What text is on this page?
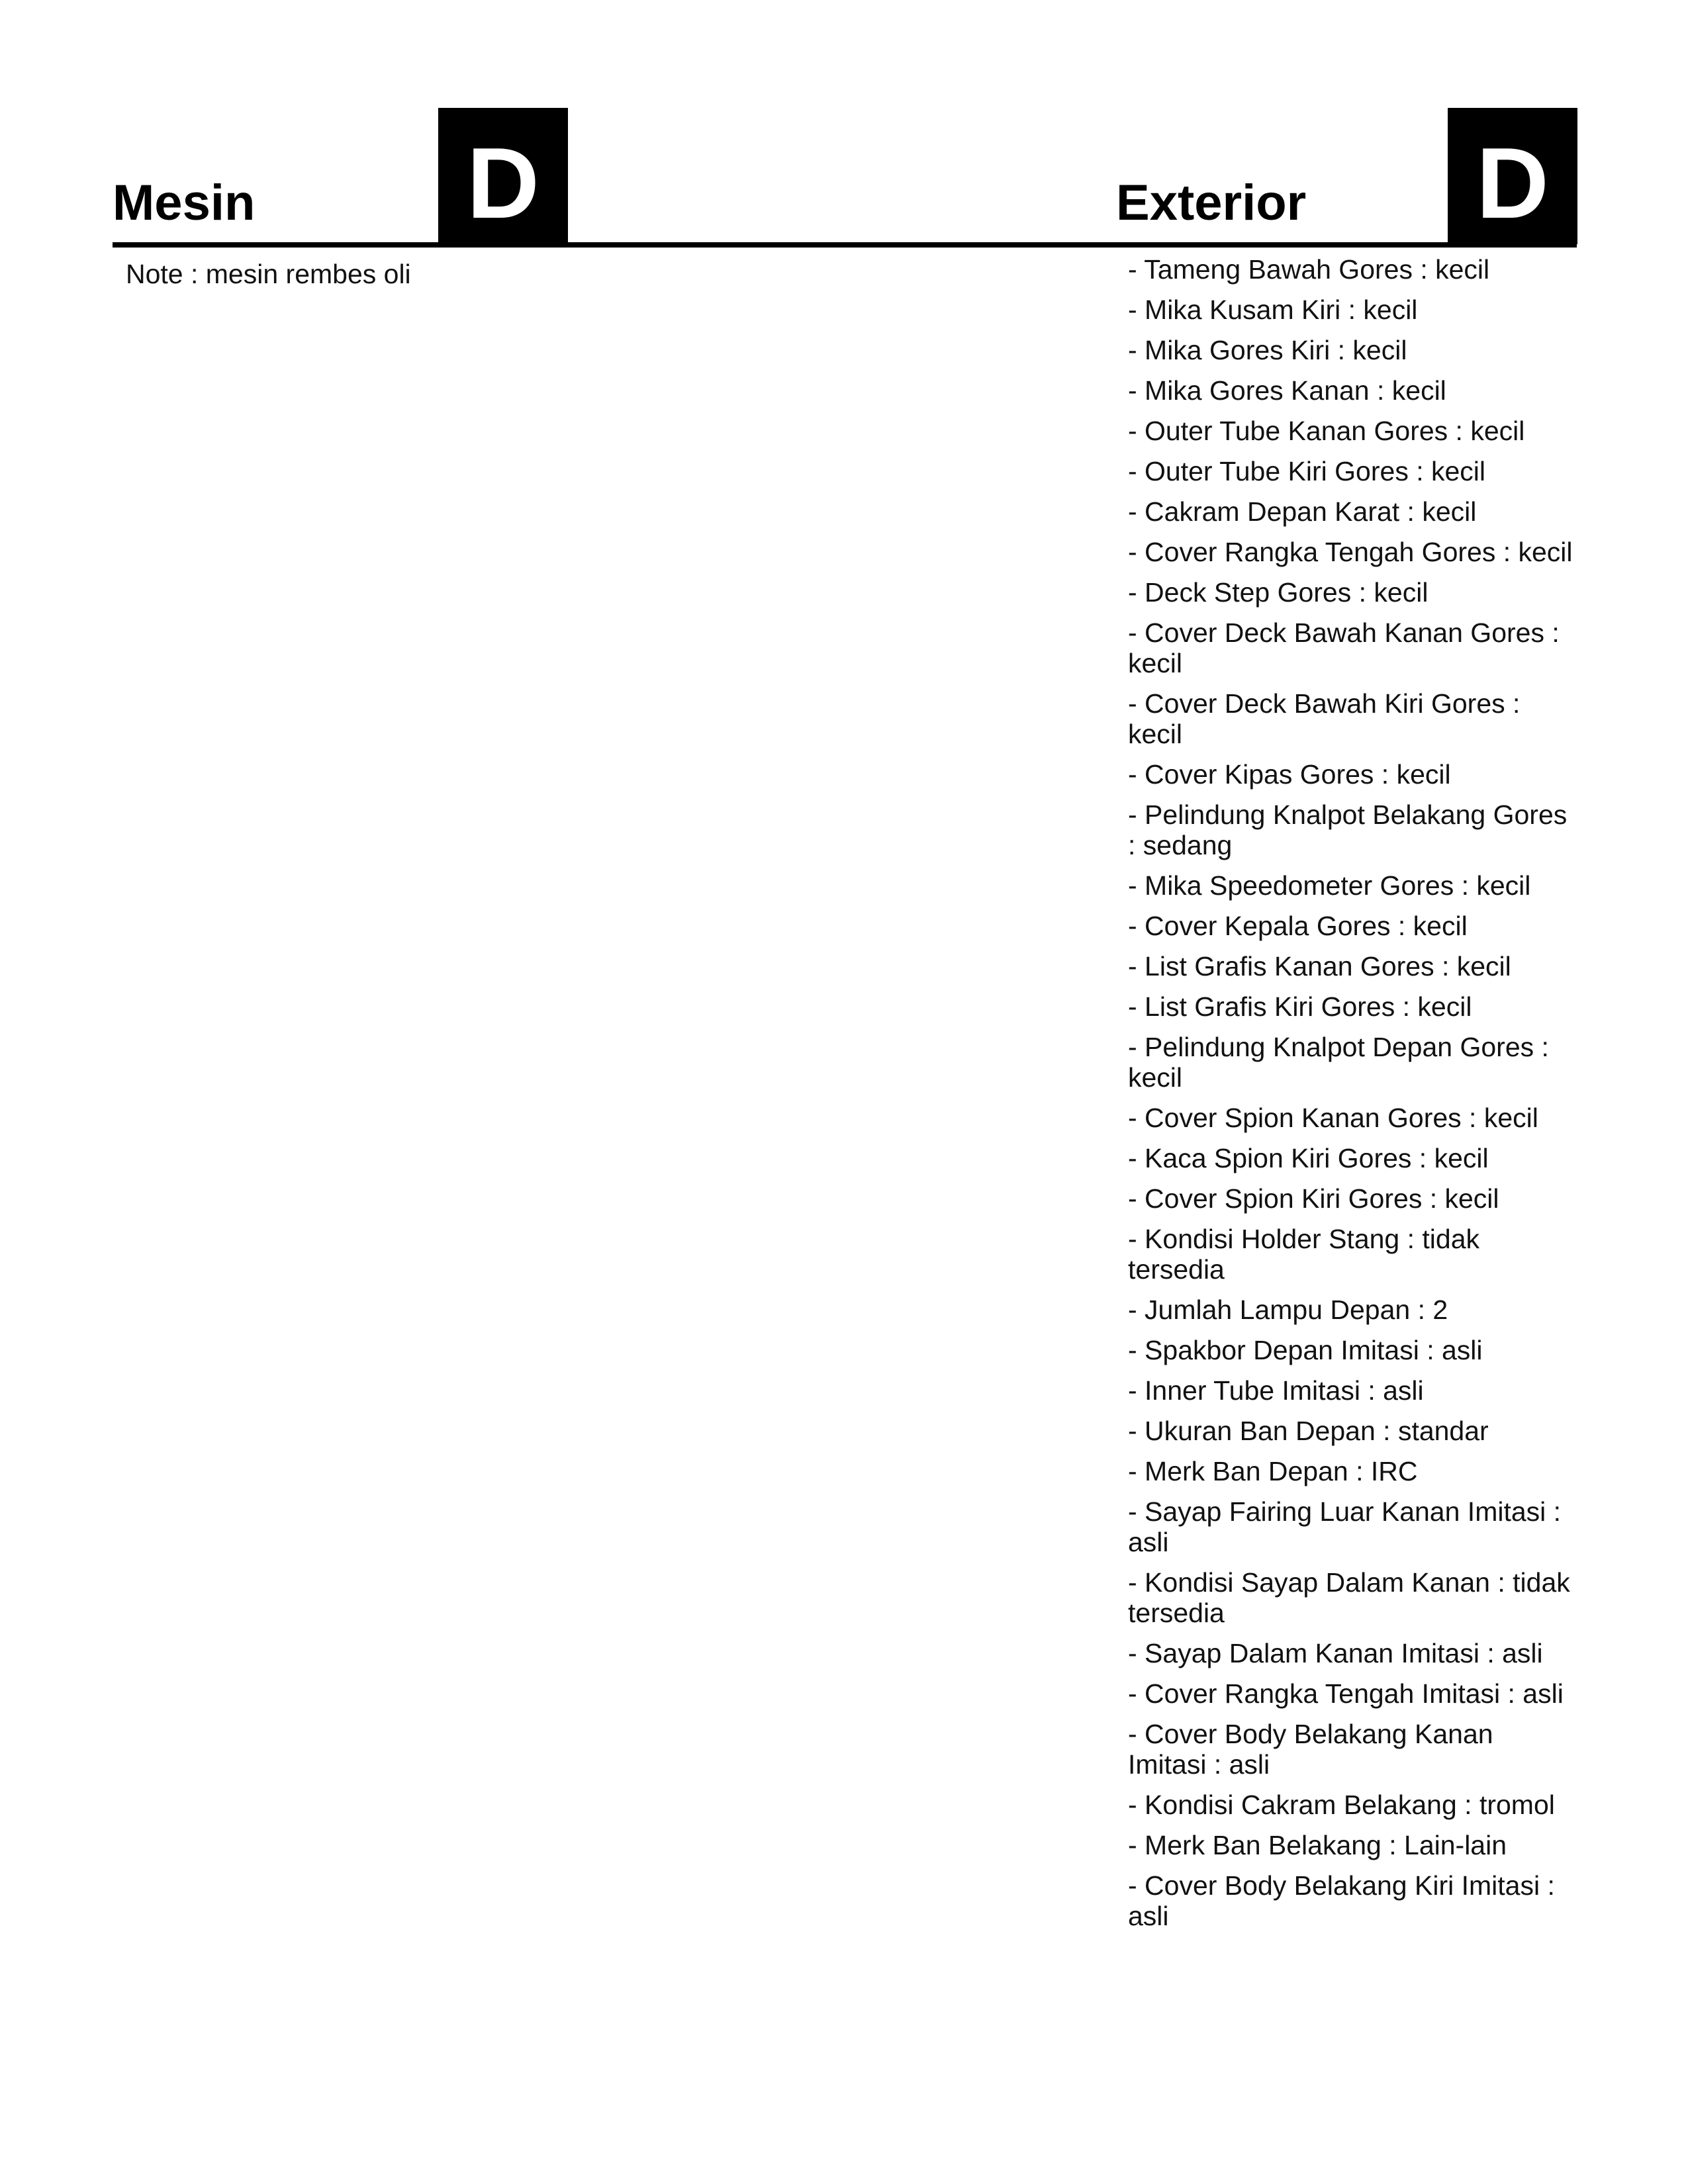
Mesin D	Exterior D

Note : mesin rembes oli	- Tameng Bawah Gores : kecil
- Mika Kusam Kiri : kecil
- Mika Gores Kiri : kecil
- Mika Gores Kanan : kecil
- Outer Tube Kanan Gores : kecil
- Outer Tube Kiri Gores : kecil
- Cakram Depan Karat : kecil
- Cover Rangka Tengah Gores : kecil
- Deck Step Gores : kecil
- Cover Deck Bawah Kanan Gores : kecil
- Cover Deck Bawah Kiri Gores : kecil
- Cover Kipas Gores : kecil
- Pelindung Knalpot Belakang Gores : sedang
- Mika Speedometer Gores : kecil
- Cover Kepala Gores : kecil
- List Grafis Kanan Gores : kecil
- List Grafis Kiri Gores : kecil
- Pelindung Knalpot Depan Gores : kecil
- Cover Spion Kanan Gores : kecil
- Kaca Spion Kiri Gores : kecil
- Cover Spion Kiri Gores : kecil
- Kondisi Holder Stang : tidak tersedia
- Jumlah Lampu Depan : 2
- Spakbor Depan Imitasi : asli
- Inner Tube Imitasi : asli
- Ukuran Ban Depan : standar
- Merk Ban Depan : IRC
- Sayap Fairing Luar Kanan Imitasi : asli
- Kondisi Sayap Dalam Kanan : tidak tersedia
- Sayap Dalam Kanan Imitasi : asli
- Cover Rangka Tengah Imitasi : asli
- Cover Body Belakang Kanan Imitasi : asli
- Kondisi Cakram Belakang : tromol
- Merk Ban Belakang : Lain-lain
- Cover Body Belakang Kiri Imitasi : asli
